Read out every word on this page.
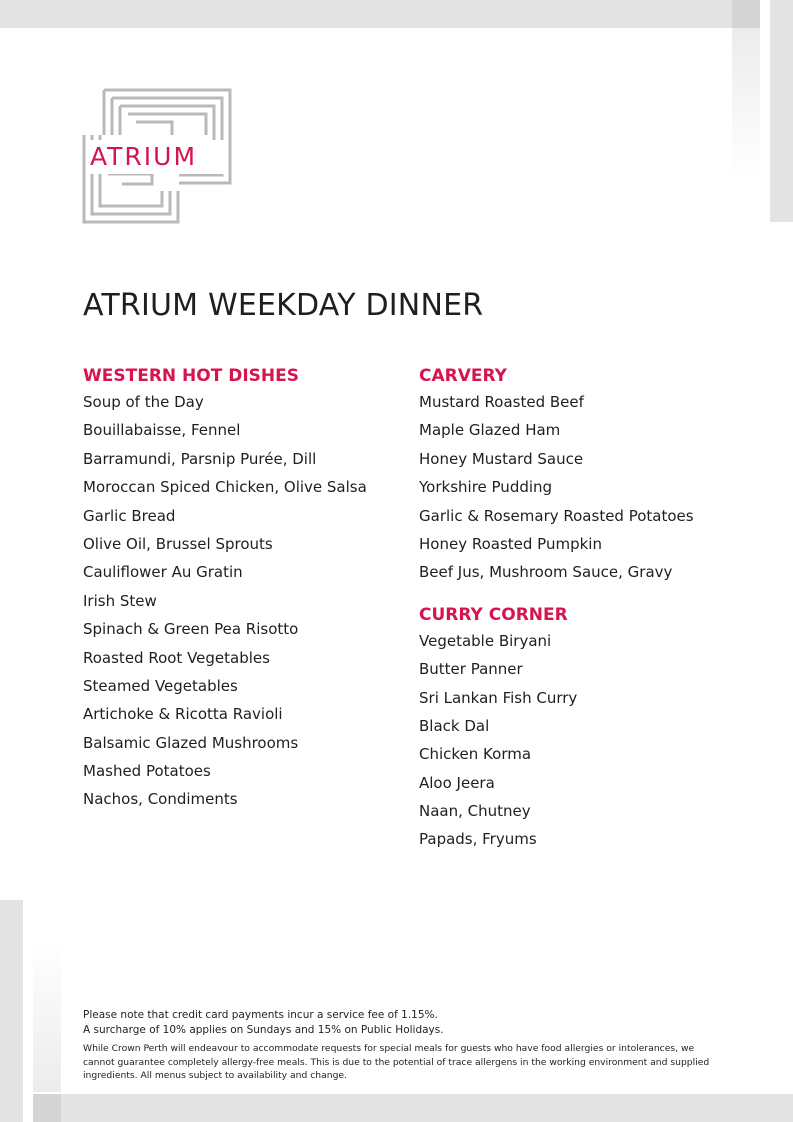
ATRIUM
ATRIUM WEEKDAY DINNER
WESTERN HOT DISHES
Soup of the Day
Bouillabaisse, Fennel
Barramundi, Parsnip Purée, Dill
Moroccan Spiced Chicken, Olive Salsa
Garlic Bread
Olive Oil, Brussel Sprouts
Cauliflower Au Gratin
Irish Stew
Spinach & Green Pea Risotto
Roasted Root Vegetables
Steamed Vegetables
Artichoke & Ricotta Ravioli
Balsamic Glazed Mushrooms
Mashed Potatoes
Nachos, Condiments
CARVERY
Mustard Roasted Beef
Maple Glazed Ham
Honey Mustard Sauce
Yorkshire Pudding
Garlic & Rosemary Roasted Potatoes
Honey Roasted Pumpkin
Beef Jus, Mushroom Sauce, Gravy
CURRY CORNER
Vegetable Biryani
Butter Panner
Sri Lankan Fish Curry
Black Dal
Chicken Korma
Aloo Jeera
Naan, Chutney
Papads, Fryums

Please note that credit card payments incur a service fee of 1.15%.

A surcharge of 10% applies on Sundays and 15% on Public Holidays.

While Crown Perth will endeavour to accommodate requests for special meals for guests who have food allergies or intolerances, we cannot guarantee completely allergy-free meals. This is due to the potential of trace allergens in the working environment and supplied ingredients. All menus subject to availability and change.
